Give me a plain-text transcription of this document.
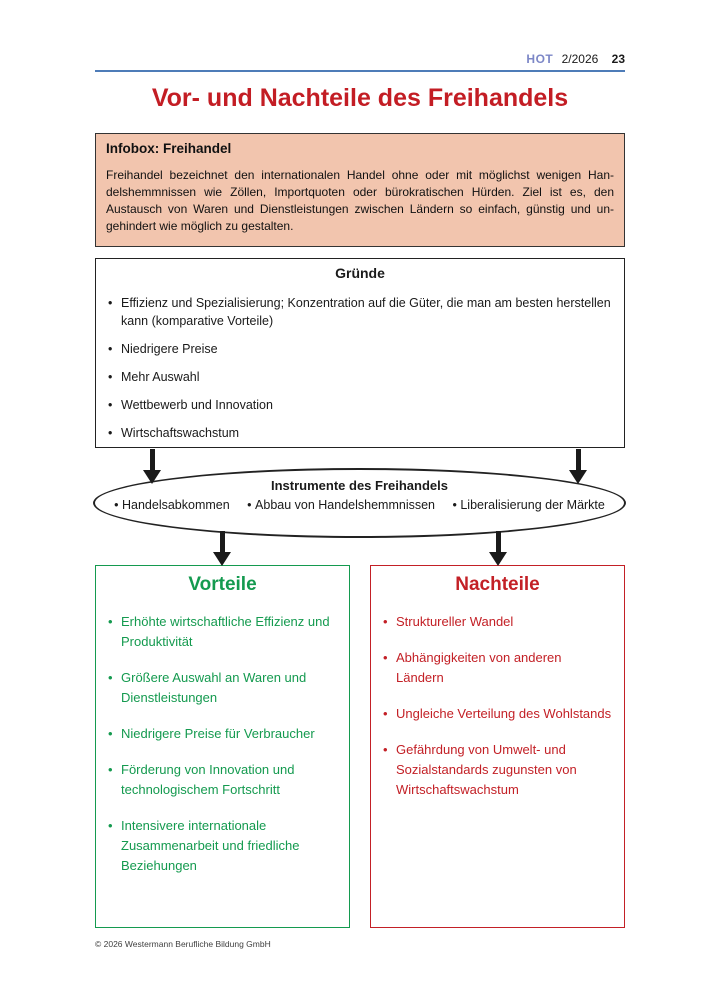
HOT 2/2026 23
Vor- und Nachteile des Freihandels
Infobox: Freihandel

Freihandel bezeichnet den internationalen Handel ohne oder mit möglichst wenigen Handelshemmnissen wie Zöllen, Importquoten oder bürokratischen Hürden. Ziel ist es, den Austausch von Waren und Dienstleistungen zwischen Ländern so einfach, günstig und ungehindert wie möglich zu gestalten.

Gründe
• Effizienz und Spezialisierung; Konzentration auf die Güter, die man am besten herstellen kann (komparative Vorteile)
• Niedrigere Preise
• Mehr Auswahl
• Wettbewerb und Innovation
• Wirtschaftswachstum
Instrumente des Freihandels
• Handelsabkommen • Abbau von Handelshemmnissen • Liberalisierung der Märkte
Vorteile
• Erhöhte wirtschaftliche Effizienz und Produktivität
• Größere Auswahl an Waren und Dienstleistungen
• Niedrigere Preise für Verbraucher
• Förderung von Innovation und technologischem Fortschritt
• Intensivere internationale Zusammenarbeit und friedliche Beziehungen
Nachteile
• Struktureller Wandel
• Abhängigkeiten von anderen Ländern
• Ungleiche Verteilung des Wohlstands
• Gefährdung von Umwelt- und Sozialstandards zugunsten von Wirtschaftswachstum
© 2026 Westermann Berufliche Bildung GmbH
